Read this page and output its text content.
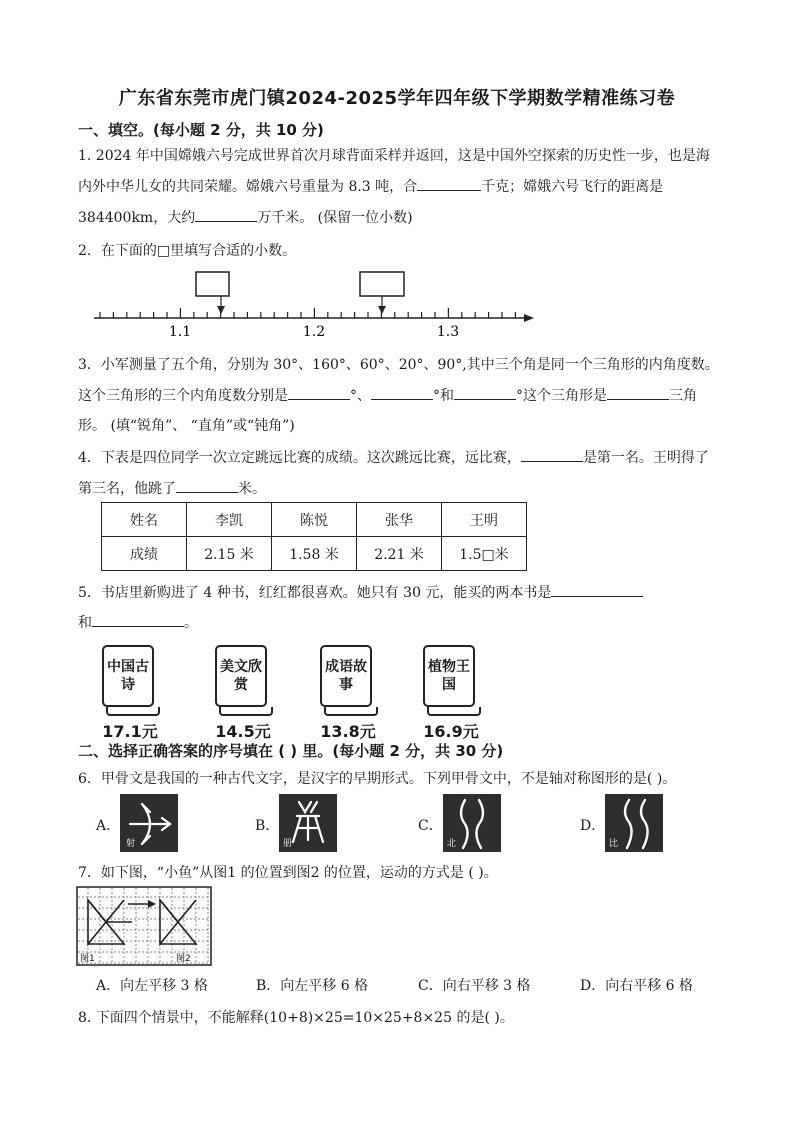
广东省东莞市虎门镇2024-2025学年四年级下学期数学精准练习卷
一、填空。(每小题 2 分，共 10 分)
1. 2024 年中国嫦娥六号完成世界首次月球背面采样并返回，这是中国外空探索的历史性一步，也是海
内外中华儿女的共同荣耀。嫦娥六号重量为 8.3 吨，合	千克；嫦娥六号飞行的距离是
384400km，大约	万千米。 (保留一位小数)
2．在下面的□里填写合适的小数。
1.1	1.2	1.3
3．小军测量了五个角，分别为 30°、160°、60°、20°、90°,其中三个角是同一个三角形的内角度数。
这个三角形的三个内角度数分别是	°、	°和	°这个三角形是	三角
形。 (填“锐角”、 “直角”或“钝角”)
4．下表是四位同学一次立定跳远比赛的成绩。这次跳远比赛，远比赛，	是第一名。王明得了
第三名，他跳了	米。
姓名	李凯	陈悦	张华	王明
成绩	2.15 米	1.58 米	2.21 米	1.5□米
5．书店里新购进了 4 种书，红红都很喜欢。她只有 30 元，能买的两本书是
和	。
中国古诗
17.1元
美文欣赏
14.5元
成语故事
13.8元
植物王国
16.9元
二、选择正确答案的序号填在 ( ) 里。(每小题 2 分，共 30 分)
6．甲骨文是我国的一种古代文字，是汉字的早期形式。下列甲骨文中，不是轴对称图形的是( )。
A．
射
B．
册
C．
北
D．
比
7．如下图，“小鱼”从图1 的位置到图2 的位置，运动的方式是 ( )。
图1	图2
A．向左平移 3 格	B．向左平移 6 格	C．向右平移 3 格	D．向右平移 6 格
8. 下面四个情景中，不能解释(10+8)×25=10×25+8×25 的是( )。
